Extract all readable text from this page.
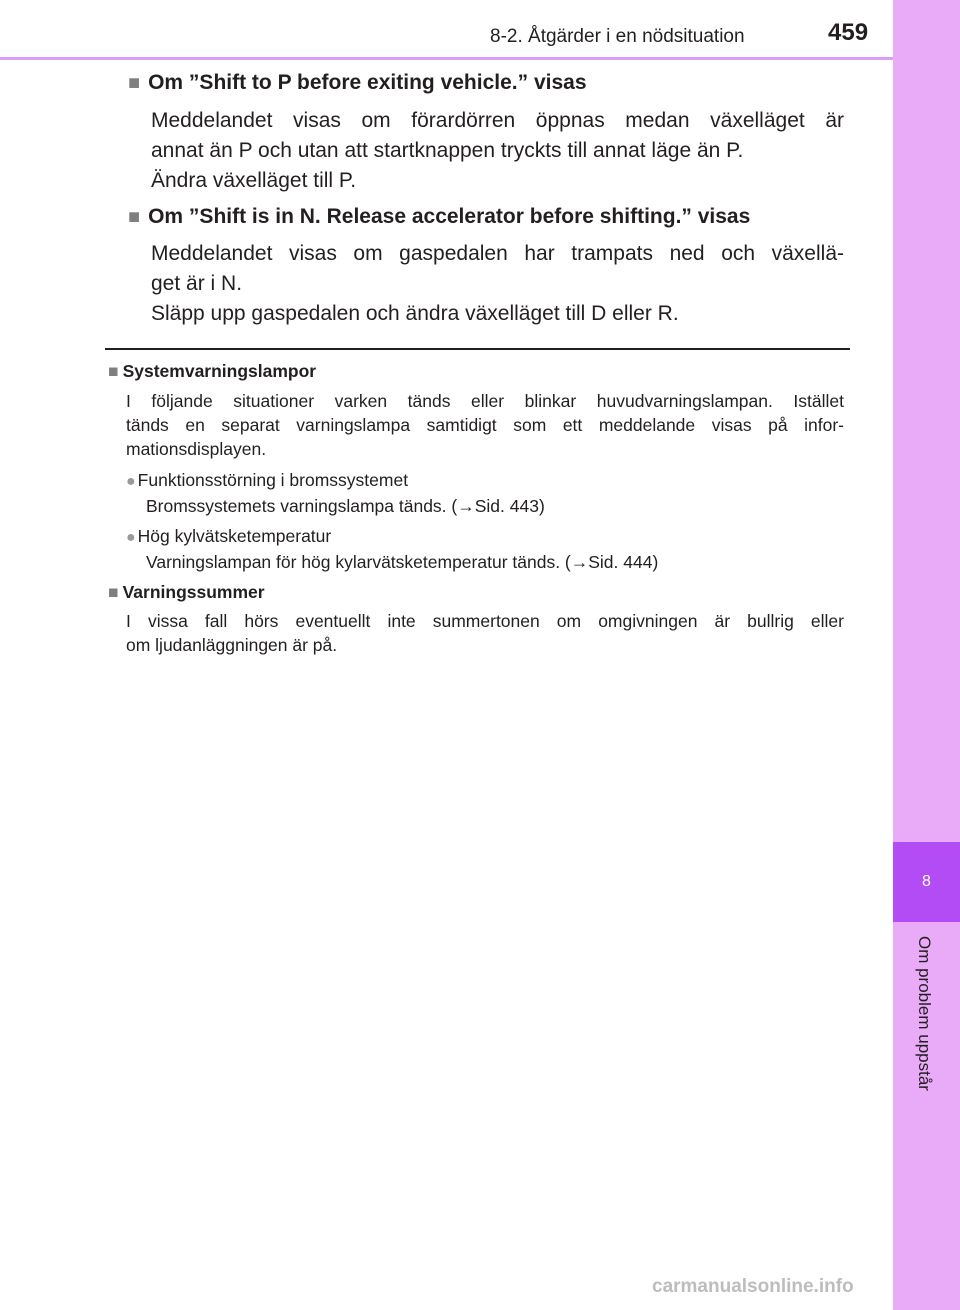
8-2. Åtgärder i en nödsituation	459
8
Om problem uppstår
■ Om ”Shift to P before exiting vehicle.” visas

Meddelandet visas om förardörren öppnas medan växelläget är

annat än P och utan att startknappen tryckts till annat läge än P.

Ändra växelläget till P.

■ Om ”Shift is in N. Release accelerator before shifting.” visas

Meddelandet visas om gaspedalen har trampats ned och växellä-

get är i N.

Släpp upp gaspedalen och ändra växelläget till D eller R.

■ Systemvarningslampor

I följande situationer varken tänds eller blinkar huvudvarningslampan. Istället

tänds en separat varningslampa samtidigt som ett meddelande visas på infor-

mationsdisplayen.

● Funktionsstörning i bromssystemet
Bromssystemets varningslampa tänds. (→Sid. 443)
● Hög kylvätsketemperatur
Varningslampan för hög kylarvätsketemperatur tänds. (→Sid. 444)
■ Varningssummer

I vissa fall hörs eventuellt inte summertonen om omgivningen är bullrig eller

om ljudanläggningen är på.

carmanualsonline.info
